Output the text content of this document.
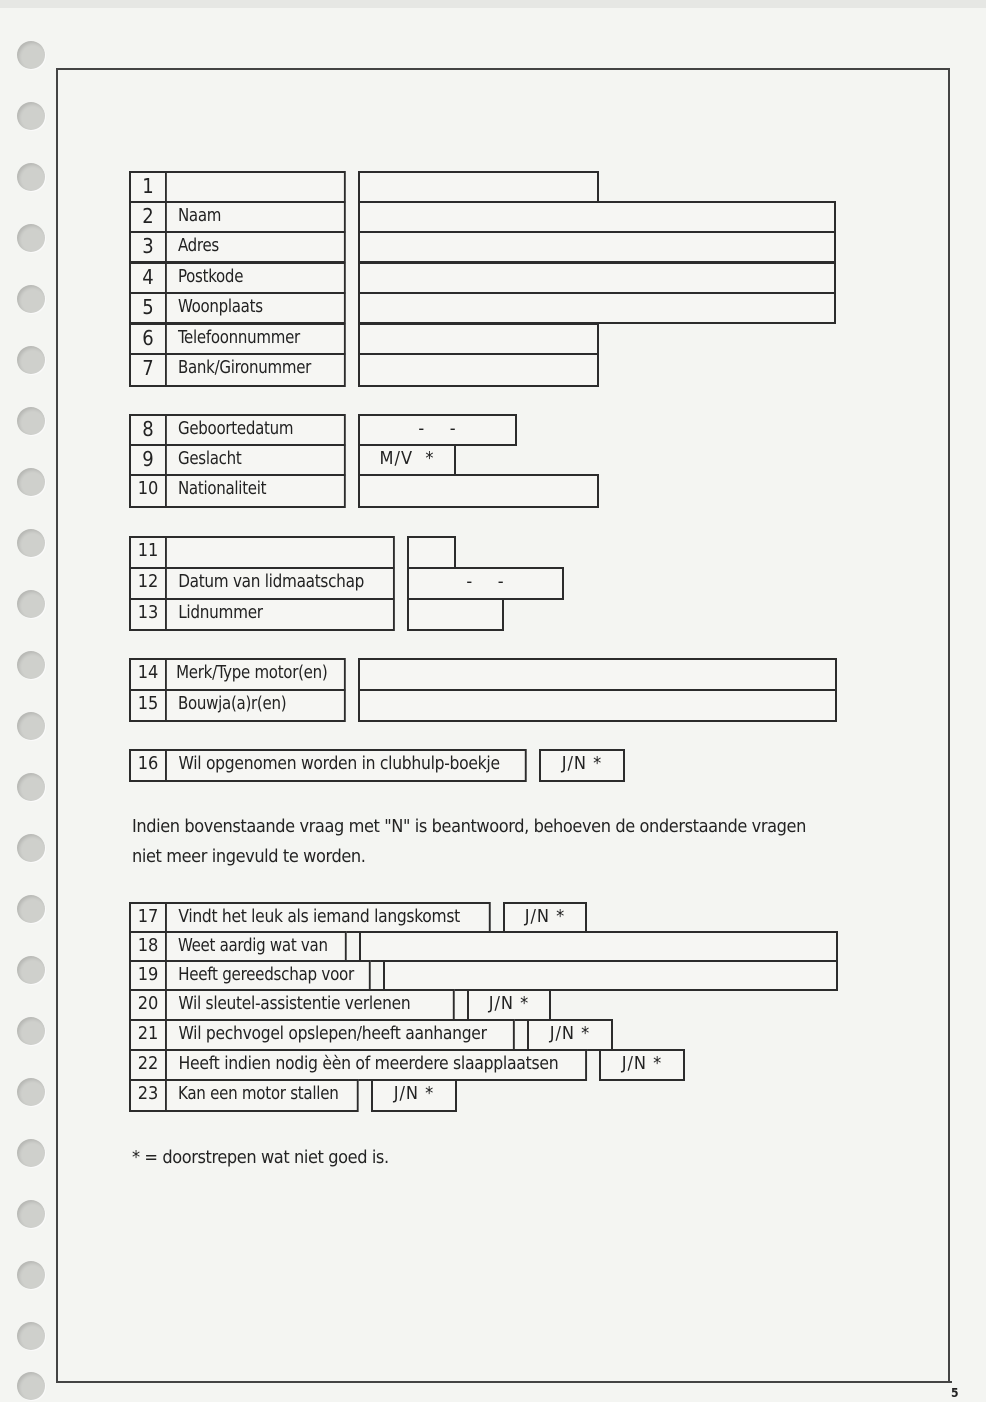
1
2	Naam
3	Adres
4	Postkode
5	Woonplaats
6	Telefoonnummer
7	Bank/Gironummer
8	Geboortedatum	-    -
9	Geslacht	M/V  *
10	Nationaliteit
11
12	Datum van lidmaatschap	-    -
13	Lidnummer
14 Merk/Type motor(en)
15	Bouwja(a)r(en)
16	Wil opgenomen worden in clubhulp-boekje	J/N *
Indien bovenstaande vraag met "N" is beantwoord, behoeven de onderstaande vragen
niet meer ingevuld te worden.
17	Vindt het leuk als iemand langskomst	J/N *
18	Weet aardig wat van
19	Heeft gereedschap voor
20	Wil sleutel-assistentie verlenen	J/N *
21	Wil pechvogel opslepen/heeft aanhanger	J/N *
22	Heeft indien nodig èèn of meerdere slaapplaatsen	J/N *
23	Kan een motor stallen	J/N *
* = doorstrepen wat niet goed is.
5
